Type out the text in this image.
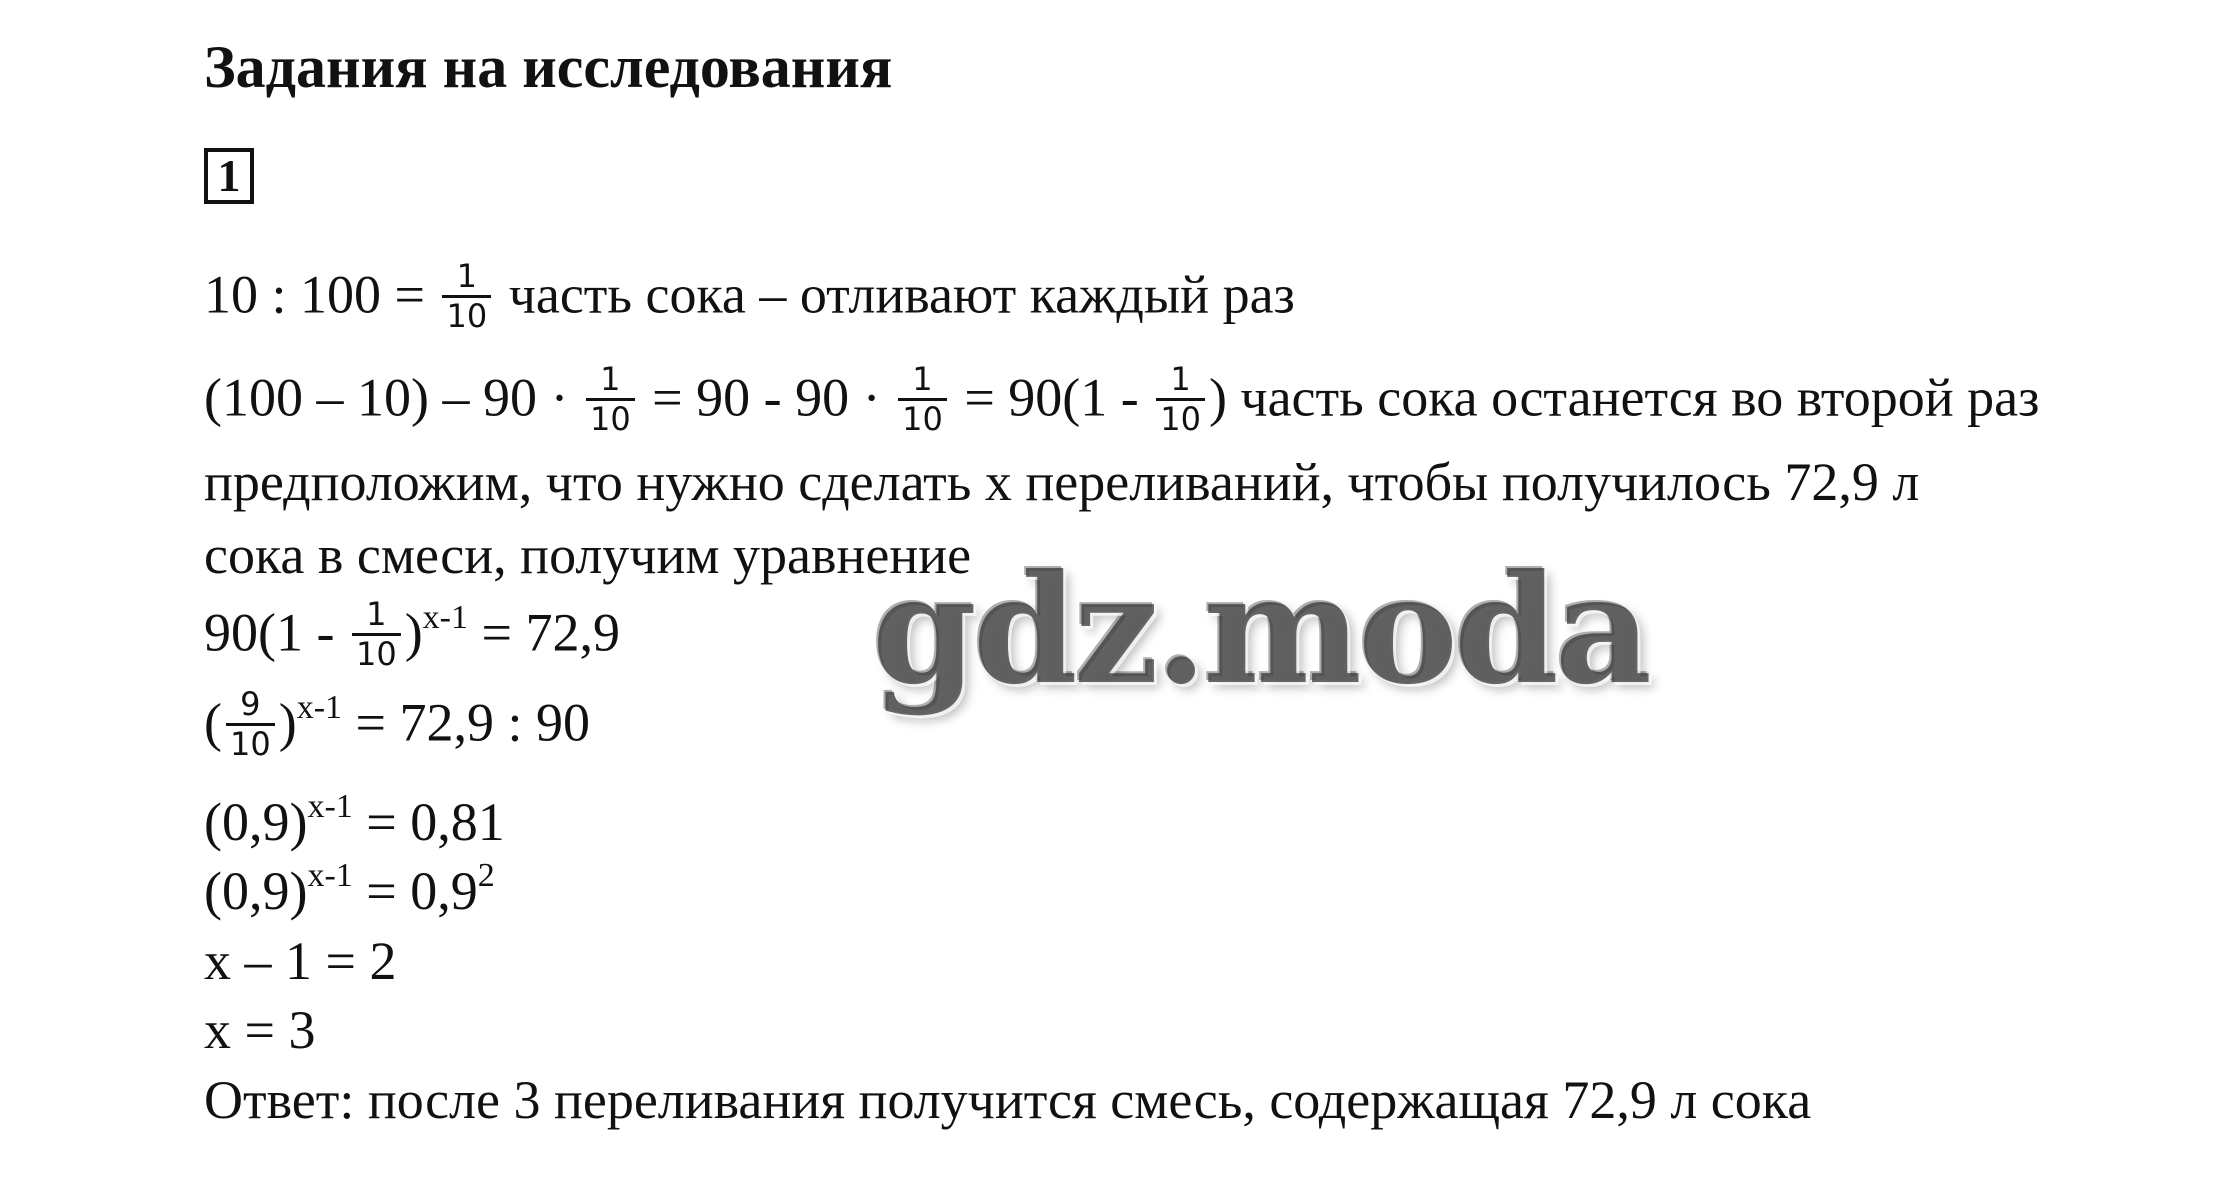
Задания на исследования
1
10 : $100 = \frac{1}{10}$ часть сока – отливают каждый раз
$(100 - 10) - 90 \cdot \frac{1}{10} = 90 - 90 \cdot \frac{1}{10} = 90(1 - \frac{1}{10}$ ) часть сока останется во второй раз
предположим, что нужно сделать x переливаний, чтобы получилось 72,9 л
сока в смеси, получим уравнение
$90(1 - \frac{1}{10} )^{x-1} = 72,9$
( $\frac{9}{10} )^{x-1} = 72,9$ : 90
$(0,9)^{x-1} = 0,81$
$(0,9)^{x-1} = 0,9^2$
x – 1 = 2
x = 3
Ответ: после 3 переливания получится смесь, содержащая 72,9 л сока
gdz.moda
